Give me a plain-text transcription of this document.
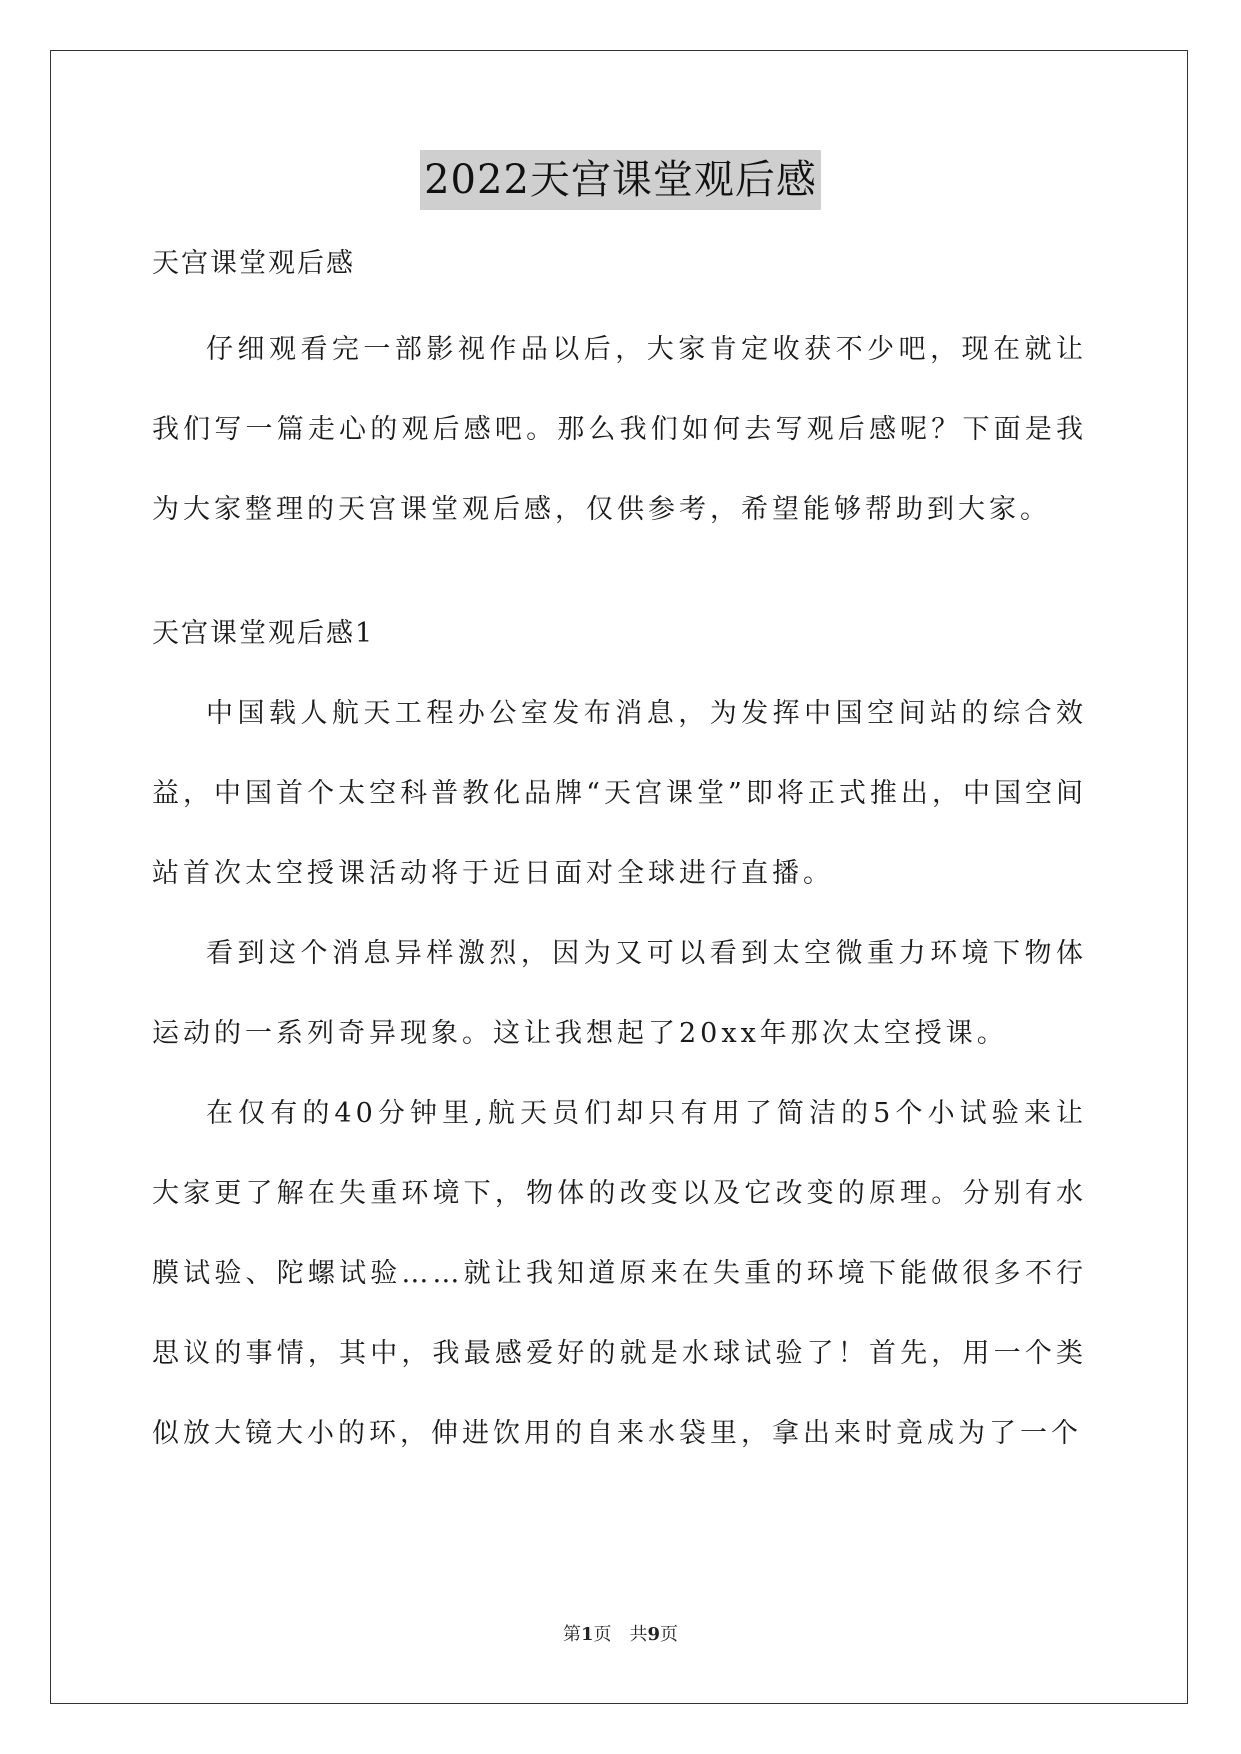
2022天宫课堂观后感

天宫课堂观后感

仔细观看完一部影视作品以后，大家肯定收获不少吧，现在就让我们写一篇走心的观后感吧。那么我们如何去写观后感呢？下面是我为大家整理的天宫课堂观后感，仅供参考，希望能够帮助到大家。

天宫课堂观后感1

中国载人航天工程办公室发布消息，为发挥中国空间站的综合效益，中国首个太空科普教化品牌“天宫课堂”即将正式推出，中国空间站首次太空授课活动将于近日面对全球进行直播。

看到这个消息异样激烈，因为又可以看到太空微重力环境下物体运动的一系列奇异现象。这让我想起了20xx年那次太空授课。

在仅有的40分钟里,航天员们却只有用了简洁的5个小试验来让大家更了解在失重环境下，物体的改变以及它改变的原理。分别有水膜试验、陀螺试验……就让我知道原来在失重的环境下能做很多不行思议的事情，其中，我最感爱好的就是水球试验了！首先，用一个类似放大镜大小的环，伸进饮用的自来水袋里，拿出来时竟成为了一个

第1页 共9页
